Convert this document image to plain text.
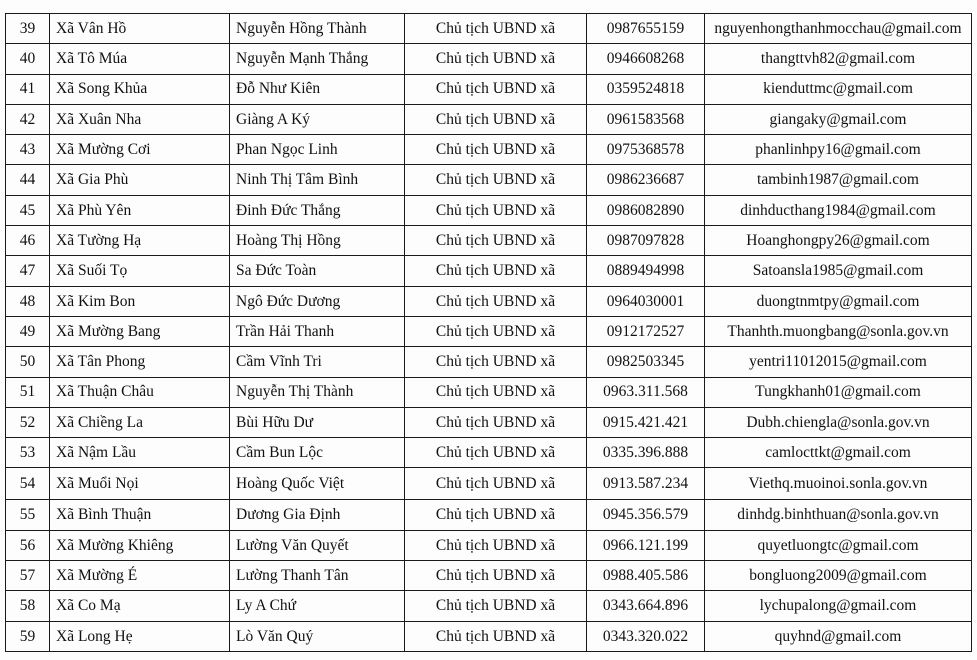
39	Xã Vân Hồ	Nguyễn Hồng Thành	Chủ tịch UBND xã	0987655159	nguyenhongthanhmocchau@gmail.com
40	Xã Tô Múa	Nguyễn Mạnh Thắng	Chủ tịch UBND xã	0946608268	thangttvh82@gmail.com
41	Xã Song Khủa	Đỗ Như Kiên	Chủ tịch UBND xã	0359524818	kienduttmc@gmail.com
42	Xã Xuân Nha	Giàng A Ký	Chủ tịch UBND xã	0961583568	giangaky@gmail.com
43	Xã Mường Cơi	Phan Ngọc Linh	Chủ tịch UBND xã	0975368578	phanlinhpy16@gmail.com
44	Xã Gia Phù	Ninh Thị Tâm Bình	Chủ tịch UBND xã	0986236687	tambinh1987@gmail.com
45	Xã Phù Yên	Đinh Đức Thắng	Chủ tịch UBND xã	0986082890	dinhducthang1984@gmail.com
46	Xã Tường Hạ	Hoàng Thị Hồng	Chủ tịch UBND xã	0987097828	Hoanghongpy26@gmail.com
47	Xã Suối Tọ	Sa Đức Toàn	Chủ tịch UBND xã	0889494998	Satoansla1985@gmail.com
48	Xã Kim Bon	Ngô Đức Dương	Chủ tịch UBND xã	0964030001	duongtnmtpy@gmail.com
49	Xã Mường Bang	Trần Hải Thanh	Chủ tịch UBND xã	0912172527	Thanhth.muongbang@sonla.gov.vn
50	Xã Tân Phong	Cầm Vĩnh Tri	Chủ tịch UBND xã	0982503345	yentri11012015@gmail.com
51	Xã Thuận Châu	Nguyễn Thị Thành	Chủ tịch UBND xã	0963.311.568	Tungkhanh01@gmail.com
52	Xã Chiềng La	Bùi Hữu Dư	Chủ tịch UBND xã	0915.421.421	Dubh.chiengla@sonla.gov.vn
53	Xã Nậm Lầu	Cầm Bun Lộc	Chủ tịch UBND xã	0335.396.888	camlocttkt@gmail.com
54	Xã Muổi Nọi	Hoàng Quốc Việt	Chủ tịch UBND xã	0913.587.234	Viethq.muoinoi.sonla.gov.vn
55	Xã Bình Thuận	Dương Gia Định	Chủ tịch UBND xã	0945.356.579	dinhdg.binhthuan@sonla.gov.vn
56	Xã Mường Khiêng	Lường Văn Quyết	Chủ tịch UBND xã	0966.121.199	quyetluongtc@gmail.com
57	Xã Mường É	Lường Thanh Tân	Chủ tịch UBND xã	0988.405.586	bongluong2009@gmail.com
58	Xã Co Mạ	Ly A Chứ	Chủ tịch UBND xã	0343.664.896	lychupalong@gmail.com
59	Xã Long Hẹ	Lò Văn Quý	Chủ tịch UBND xã	0343.320.022	quyhnd@gmail.com
